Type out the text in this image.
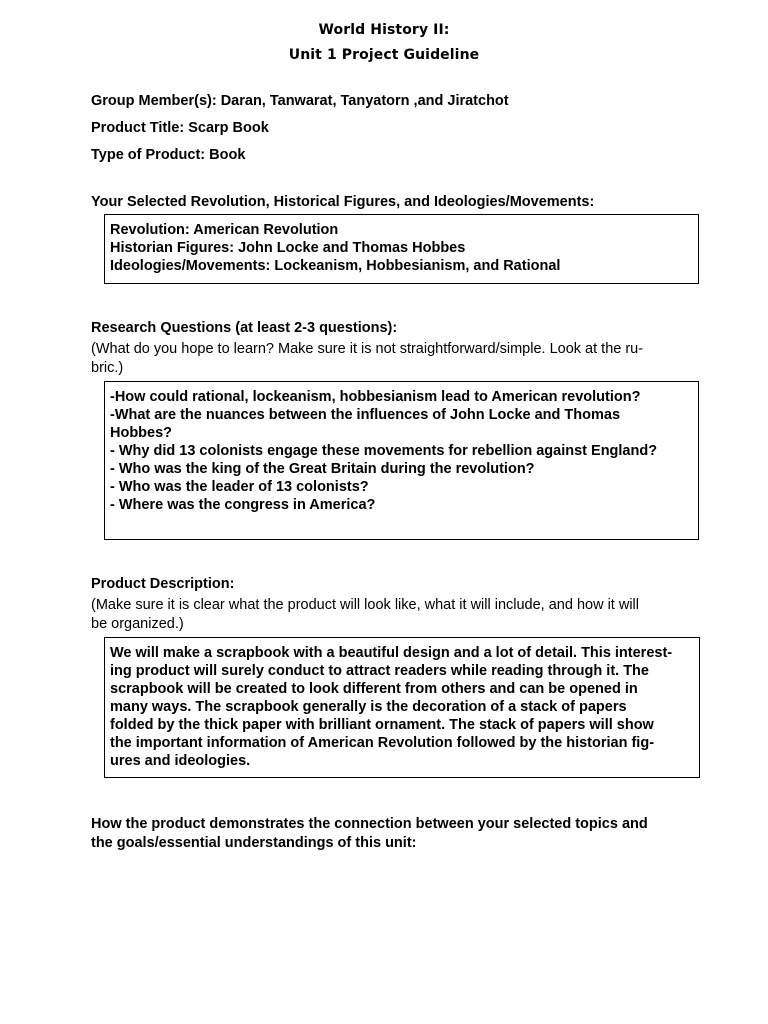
World History II:
Unit 1 Project Guideline
Group Member(s): Daran, Tanwarat, Tanyatorn ,and Jiratchot
Product Title: Scarp Book
Type of Product: Book
Your Selected Revolution, Historical Figures, and Ideologies/Movements:

Revolution: American Revolution

Historian Figures: John Locke and Thomas Hobbes

Ideologies/Movements: Lockeanism, Hobbesianism, and Rational

Research Questions (at least 2-3 questions):
(What do you hope to learn? Make sure it is not straightforward/simple. Look at the ru-
bric.)

-How could rational, lockeanism, hobbesianism lead to American revolution?

-What are the nuances between the influences of John Locke and Thomas

Hobbes?

- Why did 13 colonists engage these movements for rebellion against England?

- Who was the king of the Great Britain during the revolution?

- Who was the leader of 13 colonists?

- Where was the congress in America?

Product Description:
(Make sure it is clear what the product will look like, what it will include, and how it will
be organized.)

We will make a scrapbook with a beautiful design and a lot of detail. This interest-

ing product will surely conduct to attract readers while reading through it. The

scrapbook will be created to look different from others and can be opened in

many ways. The scrapbook generally is the decoration of a stack of papers

folded by the thick paper with brilliant ornament. The stack of papers will show

the important information of American Revolution followed by the historian fig-

ures and ideologies.

How the product demonstrates the connection between your selected topics and
the goals/essential understandings of this unit:
